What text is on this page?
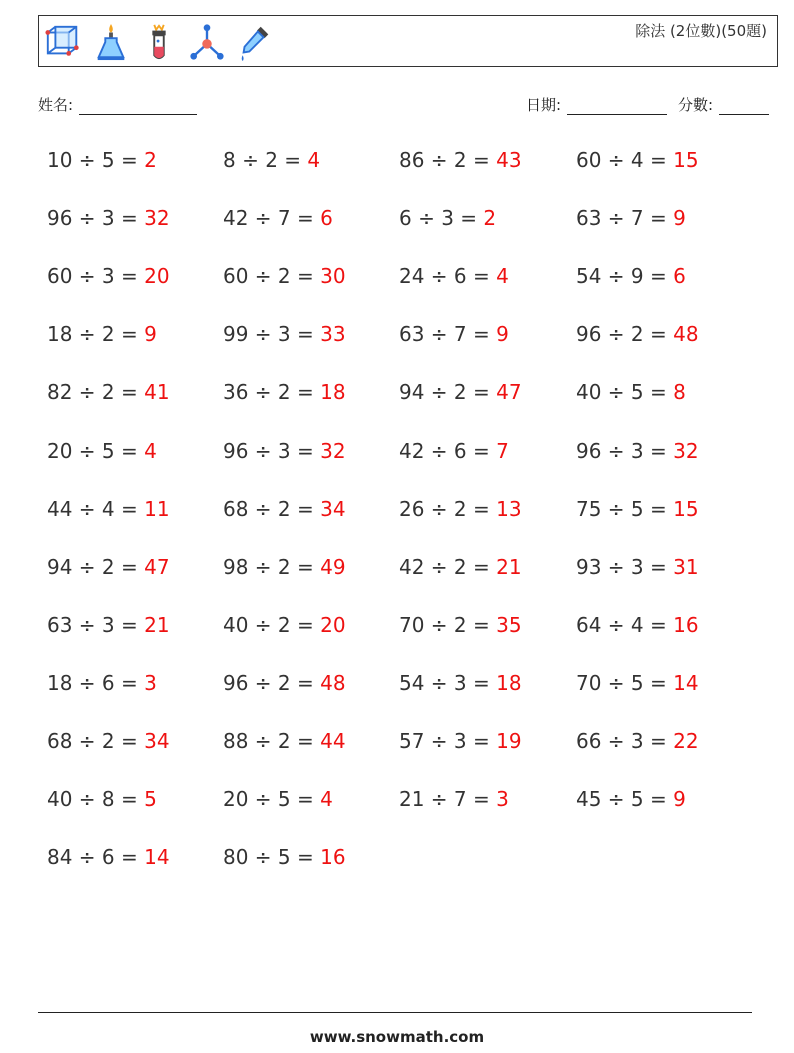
除法 (2位數)(50題)
姓名:	日期:	分數:
10 ÷ 5 = 2	8 ÷ 2 = 4	86 ÷ 2 = 43	60 ÷ 4 = 15
96 ÷ 3 = 32	42 ÷ 7 = 6	6 ÷ 3 = 2	63 ÷ 7 = 9
60 ÷ 3 = 20	60 ÷ 2 = 30	24 ÷ 6 = 4	54 ÷ 9 = 6
18 ÷ 2 = 9	99 ÷ 3 = 33	63 ÷ 7 = 9	96 ÷ 2 = 48
82 ÷ 2 = 41	36 ÷ 2 = 18	94 ÷ 2 = 47	40 ÷ 5 = 8
20 ÷ 5 = 4	96 ÷ 3 = 32	42 ÷ 6 = 7	96 ÷ 3 = 32
44 ÷ 4 = 11	68 ÷ 2 = 34	26 ÷ 2 = 13	75 ÷ 5 = 15
94 ÷ 2 = 47	98 ÷ 2 = 49	42 ÷ 2 = 21	93 ÷ 3 = 31
63 ÷ 3 = 21	40 ÷ 2 = 20	70 ÷ 2 = 35	64 ÷ 4 = 16
18 ÷ 6 = 3	96 ÷ 2 = 48	54 ÷ 3 = 18	70 ÷ 5 = 14
68 ÷ 2 = 34	88 ÷ 2 = 44	57 ÷ 3 = 19	66 ÷ 3 = 22
40 ÷ 8 = 5	20 ÷ 5 = 4	21 ÷ 7 = 3	45 ÷ 5 = 9
84 ÷ 6 = 14	80 ÷ 5 = 16
www.snowmath.com
